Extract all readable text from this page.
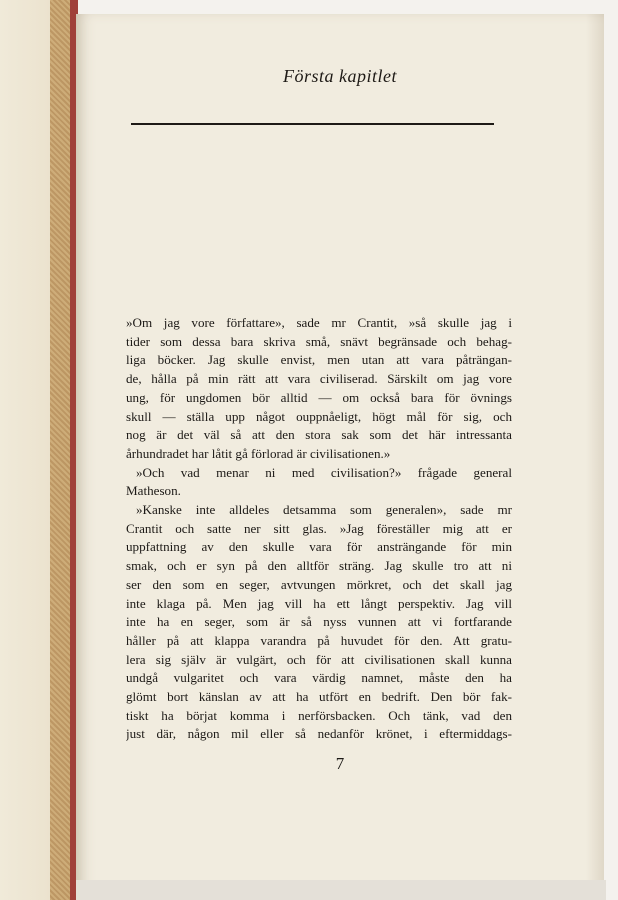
Första kapitlet
»Om jag vore författare», sade mr Crantit, »så skulle jag i
tider som dessa bara skriva små, snävt begränsade och behag-
liga böcker. Jag skulle envist, men utan att vara påträngan-
de, hålla på min rätt att vara civiliserad. Särskilt om jag vore
ung, för ungdomen bör alltid — om också bara för övnings
skull — ställa upp något ouppnåeligt, högt mål för sig, och
nog är det väl så att den stora sak som det här intressanta
århundradet har låtit gå förlorad är civilisationen.»
»Och vad menar ni med civilisation?» frågade general
Matheson.
»Kanske inte alldeles detsamma som generalen», sade mr
Crantit och satte ner sitt glas. »Jag föreställer mig att er
uppfattning av den skulle vara för ansträngande för min
smak, och er syn på den alltför sträng. Jag skulle tro att ni
ser den som en seger, avtvungen mörkret, och det skall jag
inte klaga på. Men jag vill ha ett långt perspektiv. Jag vill
inte ha en seger, som är så nyss vunnen att vi fortfarande
håller på att klappa varandra på huvudet för den. Att gratu-
lera sig själv är vulgärt, och för att civilisationen skall kunna
undgå vulgaritet och vara värdig namnet, måste den ha
glömt bort känslan av att ha utfört en bedrift. Den bör fak-
tiskt ha börjat komma i nerförsbacken. Och tänk, vad den
just där, någon mil eller så nedanför krönet, i eftermiddags-
7
